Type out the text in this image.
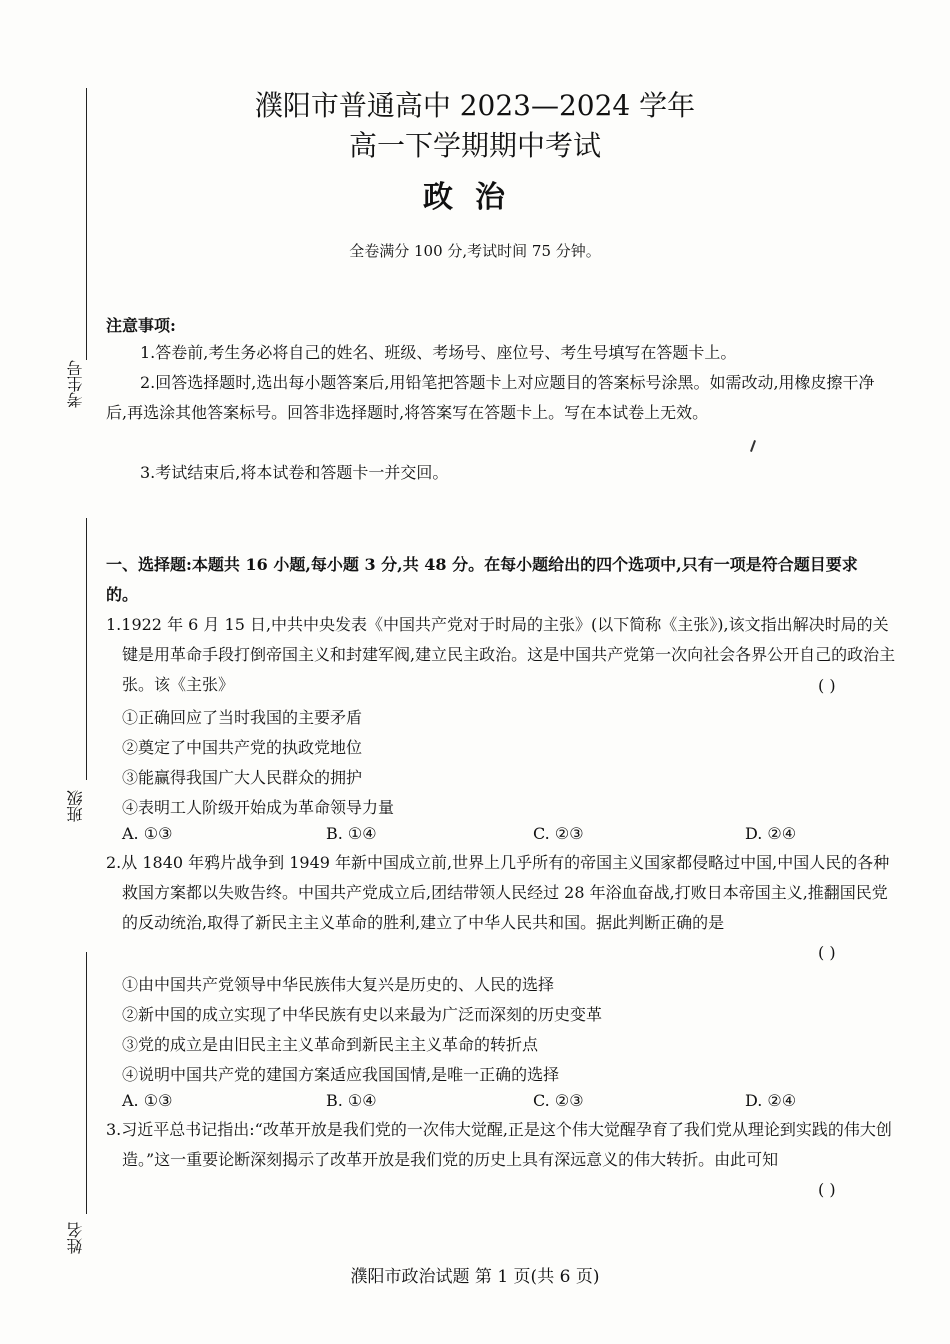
考生号
班级
姓名
濮阳市普通高中 2023—2024 学年
高一下学期期中考试
政治
全卷满分 100 分,考试时间 75 分钟。
注意事项:
1.答卷前,考生务必将自己的姓名、班级、考场号、座位号、考生号填写在答题卡上。
2.回答选择题时,选出每小题答案后,用铅笔把答题卡上对应题目的答案标号涂黑。如需改动,用橡皮擦干净后,再选涂其他答案标号。回答非选择题时,将答案写在答题卡上。写在本试卷上无效。
3.考试结束后,将本试卷和答题卡一并交回。
一、选择题:本题共 16 小题,每小题 3 分,共 48 分。在每小题给出的四个选项中,只有一项是符合题目要求的。
1.1922 年 6 月 15 日,中共中央发表《中国共产党对于时局的主张》(以下简称《主张》),该文指出解决时局的关键是用革命手段打倒帝国主义和封建军阀,建立民主政治。这是中国共产党第一次向社会各界公开自己的政治主张。该《主张》	( )
①正确回应了当时我国的主要矛盾
②奠定了中国共产党的执政党地位
③能赢得我国广大人民群众的拥护
④表明工人阶级开始成为革命领导力量
A. ①③	B. ①④	C. ②③	D. ②④
2.从 1840 年鸦片战争到 1949 年新中国成立前,世界上几乎所有的帝国主义国家都侵略过中国,中国人民的各种救国方案都以失败告终。中国共产党成立后,团结带领人民经过 28 年浴血奋战,打败日本帝国主义,推翻国民党的反动统治,取得了新民主主义革命的胜利,建立了中华人民共和国。据此判断正确的是
( )
①由中国共产党领导中华民族伟大复兴是历史的、人民的选择
②新中国的成立实现了中华民族有史以来最为广泛而深刻的历史变革
③党的成立是由旧民主主义革命到新民主主义革命的转折点
④说明中国共产党的建国方案适应我国国情,是唯一正确的选择
A. ①③	B. ①④	C. ②③	D. ②④
3.习近平总书记指出:“改革开放是我们党的一次伟大觉醒,正是这个伟大觉醒孕育了我们党从理论到实践的伟大创造。”这一重要论断深刻揭示了改革开放是我们党的历史上具有深远意义的伟大转折。由此可知
( )
濮阳市政治试题 第 1 页(共 6 页)
